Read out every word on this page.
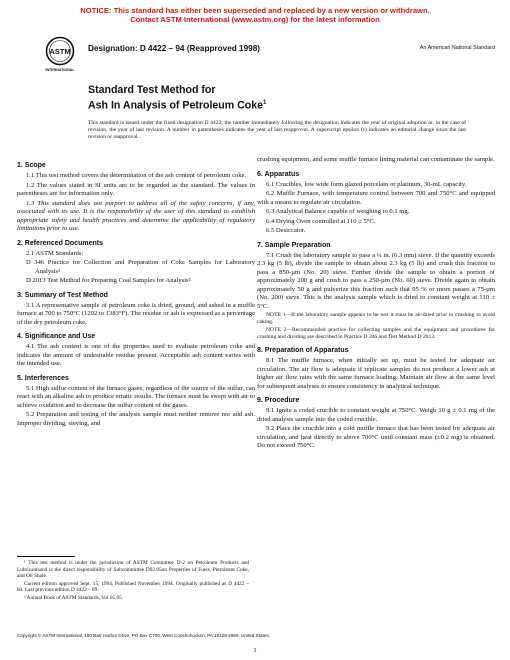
NOTICE: This standard has either been superseded and replaced by a new version or withdrawn.
Contact ASTM International (www.astm.org) for the latest information
ASTM
INTERNATIONAL
Designation: D 4422 – 94 (Reapproved 1998)	An American National Standard
Standard Test Method for
Ash In Analysis of Petroleum Coke$^1$
This standard is issued under the fixed designation D 4422; the number immediately following the designation indicates the year of original adoption or, in the case of revision, the year of last revision. A number in parentheses indicates the year of last reapproval. A superscript epsilon (ε) indicates an editorial change since the last revision or reapproval.
1. Scope

1.1 This test method covers the determination of the ash content of petroleum coke.

1.2 The values stated in SI units are to be regarded as the standard. The values in parentheses are for information only.

1.3 This standard does not purport to address all of the safety concerns, if any, associated with its use. It is the responsibility of the user of this standard to establish appropriate safety and health practices and determine the applicability of regulatory limitations prior to use.

2. Referenced Documents

2.1 ASTM Standards:

D 346 Practice for Collection and Preparation of Coke Samples for Laboratory Analysis²

D 2013 Test Method for Preparing Coal Samples for Analysis²

3. Summary of Test Method

3.1 A representative sample of petroleum coke is dried, ground, and ashed in a muffle furnace at 700 to 750°C (1292 to 1383°F). The residue or ash is expressed as a percentage of the dry petroleum coke.

4. Significance and Use

4.1 The ash content is one of the properties used to evaluate petroleum coke and indicates the amount of undesirable residue present. Acceptable ash content varies with the intended use.

5. Interferences

5.1 High sulfur content of the furnace gases, regardless of the source of the sulfur, can react with an alkaline ash to produce erratic results. The furnace must be swept with air to achieve oxidation and to decrease the sulfur content of the gases.

5.2 Preparation and testing of the analysis sample must neither remove nor add ash. Improper dividing, sieving, and

crushing equipment, and some muffle furnace lining material can contaminate the sample.

6. Apparatus

6.1 Crucibles, low wide form glazed porcelain or platinum, 30-mL capacity.

6.2 Muffle Furnace, with temperature control between 700 and 750°C and equipped with a means to regulate air circulation.

6.3 Analytical Balance capable of weighing to 0.1 mg.

6.4 Drying Oven controlled at 110 ± 5°C.

6.5 Desiccator.

7. Sample Preparation

7.1 Crush the laboratory sample to pass a ¼ in. (6.3 mm) sieve. If the quantity exceeds 2.3 kg (5 lb), divide the sample to obtain about 2.3 kg (5 lb) and crush this fraction to pass a 850-µm (No. 20) sieve. Further divide the sample to obtain a portion of approximately 200 g and crush to pass a 250-µm (No. 60) sieve. Divide again to obtain approximately 50 g and pulverize this fraction such that 95 % or more passes a 75-µm (No. 200) sieve. This is the analysis sample which is dried to constant weight at 110 ± 5°C.

NOTE 1—If the laboratory sample appears to be wet it must be air-dried prior to crushing to avoid caking.

NOTE 2—Recommended practice for collecting samples and the equipment and procedures for crushing and dividing are described in Practice D 346 and Test Method D 2013.

8. Preparation of Apparatus

8.1 The muffle furnace, when initially set up, must be tested for adequate air circulation. The air flow is adequate if replicate samples do not produce a lower ash at higher air flow rates with the same furnace loading. Maintain air flow at the same level for subsequent analyses to ensure consistency in analytical technique.

9. Procedure

9.1 Ignite a coded crucible to constant weight at 750°C. Weigh 10 g ± 0.1 mg of the dried analysis sample into the coded crucible.

9.2 Place the crucible into a cold muffle furnace that has been tested for adequate air circulation, and heat directly to above 700°C until constant mass (±0.2 mg) is obtained. Do not exceed 750°C.

¹ This test method is under the jurisdiction of ASTM Committee D-2 on Petroleum Products and Lubricantsand is the direct responsibility of Subcommittee D02.05on Properties of Fuels, Petroleum Coke, and Oil Shale.

Current edition approved Sept. 15, 1994. Published November 1994. Originally published as D 4422 – 84. Last previous edition D 4422 – 89.

² Annual Book of ASTM Standards, Vol 05.05.

Copyright © ASTM International, 100 Barr Harbor Drive, PO Box C700, West Conshohocken, PA 19428-2959, United States.
1
